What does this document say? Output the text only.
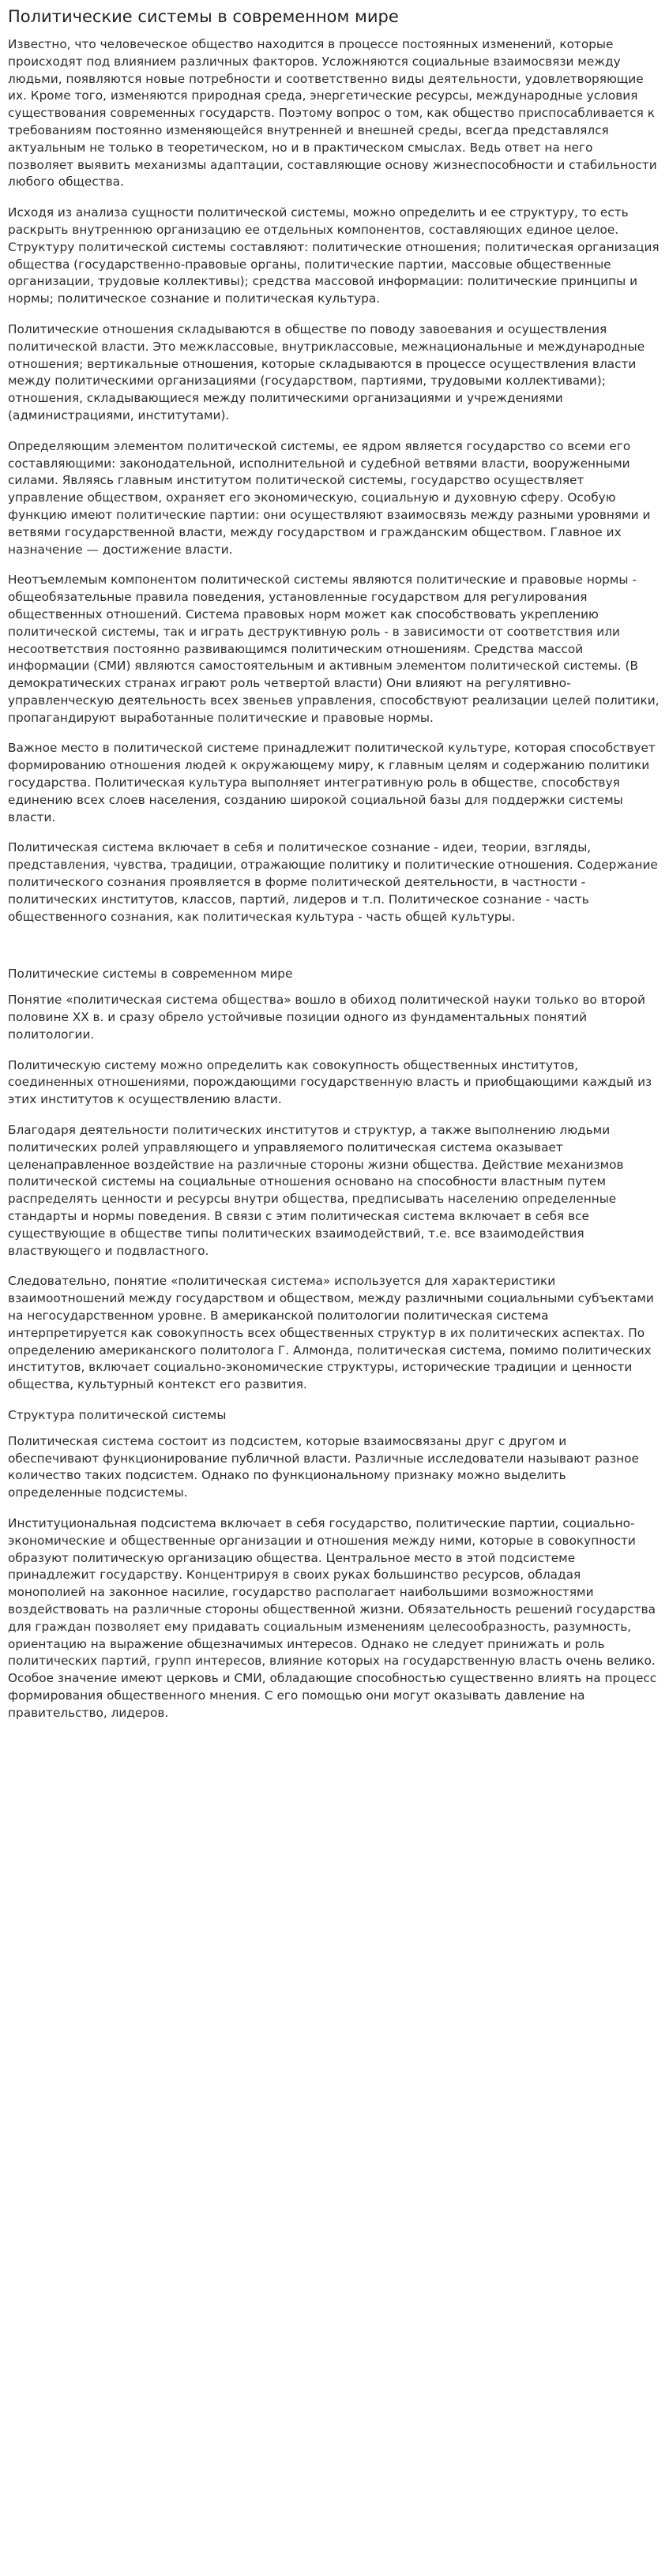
Политические системы в современном мире

Известно, что человеческое общество находится в процессе постоянных изменений, которые происходят под влиянием различных факторов. Усложняются социальные взаимосвязи между людьми, появляются новые потребности и соответственно виды деятельности, удовлетворяющие их. Кроме того, изменяются природная среда, энергетические ресурсы, международные условия существования современных государств. Поэтому вопрос о том, как общество приспосабливается к требованиям постоянно изменяющейся внутренней и внешней среды, всегда представлялся актуальным не только в теоретическом, но и в практическом смыслах. Ведь ответ на него позволяет выявить механизмы адаптации, составляющие основу жизнеспособности и стабильности любого общества.

Исходя из анализа сущности политической системы, можно определить и ее структуру, то есть раскрыть внутреннюю организацию ее отдельных компонентов, составляющих единое целое. Структуру политической системы составляют: политические отношения; политическая организация общества (государственно-правовые органы, политические партии, массовые общественные организации, трудовые коллективы); средства массовой информации: политические принципы и нормы; политическое сознание и политическая культура.

Политические отношения складываются в обществе по поводу завоевания и осуществления политической власти. Это межклассовые, внутриклассовые, межнациональные и международные отношения; вертикальные отношения, которые складываются в процессе осуществления власти между политическими организациями (государством, партиями, трудовыми коллективами); отношения, складывающиеся между политическими организациями и учреждениями (администрациями, институтами).

Определяющим элементом политической системы, ее ядром является государство со всеми его составляющими: законодательной, исполнительной и судебной ветвями власти, вооруженными силами. Являясь главным институтом политической системы, государство осуществляет управление обществом, охраняет его экономическую, социальную и духовную сферу. Особую функцию имеют политические партии: они осуществляют взаимосвязь между разными уровнями и ветвями государственной власти, между государством и гражданским обществом. Главное их назначение — достижение власти.

Неотъемлемым компонентом политической системы являются политические и правовые нормы - общеобязательные правила поведения, установленные государством для регулирования общественных отношений. Система правовых норм может как способствовать укреплению политической системы, так и играть деструктивную роль - в зависимости от соответствия или несоответствия постоянно развивающимся политическим отношениям. Средства массой информации (СМИ) являются самостоятельным и активным элементом политической системы. (В демократических странах играют роль четвертой власти) Они влияют на регулятивно-управленческую деятельность всех звеньев управления, способствуют реализации целей политики, пропагандируют выработанные политические и правовые нормы.

Важное место в политической системе принадлежит политической культуре, которая способствует формированию отношения людей к окружающему миру, к главным целям и содержанию политики государства. Политическая культура выполняет интегративную роль в обществе, способствуя единению всех слоев населения, созданию широкой социальной базы для поддержки системы власти.

Политическая система включает в себя и политическое сознание - идеи, теории, взгляды, представления, чувства, традиции, отражающие политику и политические отношения. Содержание политического сознания проявляется в форме политической деятельности, в частности - политических институтов, классов, партий, лидеров и т.п. Политическое сознание - часть общественного сознания, как политическая культура - часть общей культуры.

Политические системы в современном мире

Понятие «политическая система общества» вошло в обиход политической науки только во второй половине XX в. и сразу обрело устойчивые позиции одного из фундаментальных понятий политологии.

Политическую систему можно определить как совокупность общественных институтов, соединенных отношениями, порождающими государственную власть и приобщающими каждый из этих институтов к осуществлению власти.

Благодаря деятельности политических институтов и структур, а также выполнению людьми политических ролей управляющего и управляемого политическая система оказывает целенаправленное воздействие на различные стороны жизни общества. Действие механизмов политической системы на социальные отношения основано на способности властным путем распределять ценности и ресурсы внутри общества, предписывать населению определенные стандарты и нормы поведения. В связи с этим политическая система включает в себя все существующие в обществе типы политических взаимодействий, т.е. все взаимодействия властвующего и подвластного.

Следовательно, понятие «политическая система» используется для характеристики взаимоотношений между государством и обществом, между различными социальными субъектами на негосударственном уровне. В американской политологии политическая система интерпретируется как совокупность всех общественных структур в их политических аспектах. По определению американского политолога Г. Алмонда, политическая система, помимо политических институтов, включает социально-экономические структуры, исторические традиции и ценности общества, культурный контекст его развития.

Структура политической системы

Политическая система состоит из подсистем, которые взаимосвязаны друг с другом и обеспечивают функционирование публичной власти. Различные исследователи называют разное количество таких подсистем. Однако по функциональному признаку можно выделить определенные подсистемы.

Институциональная подсистема включает в себя государство, политические партии, социально-экономические и общественные организации и отношения между ними, которые в совокупности образуют политическую организацию общества. Центральное место в этой подсистеме принадлежит государству. Концентрируя в своих руках большинство ресурсов, обладая монополией на законное насилие, государство располагает наибольшими возможностями воздействовать на различные стороны общественной жизни. Обязательность решений государства для граждан позволяет ему придавать социальным изменениям целесообразность, разумность, ориентацию на выражение общезначимых интересов. Однако не следует принижать и роль политических партий, групп интересов, влияние которых на государственную власть очень велико. Особое значение имеют церковь и СМИ, обладающие способностью существенно влиять на процесс формирования общественного мнения. С его помощью они могут оказывать давление на правительство, лидеров.
